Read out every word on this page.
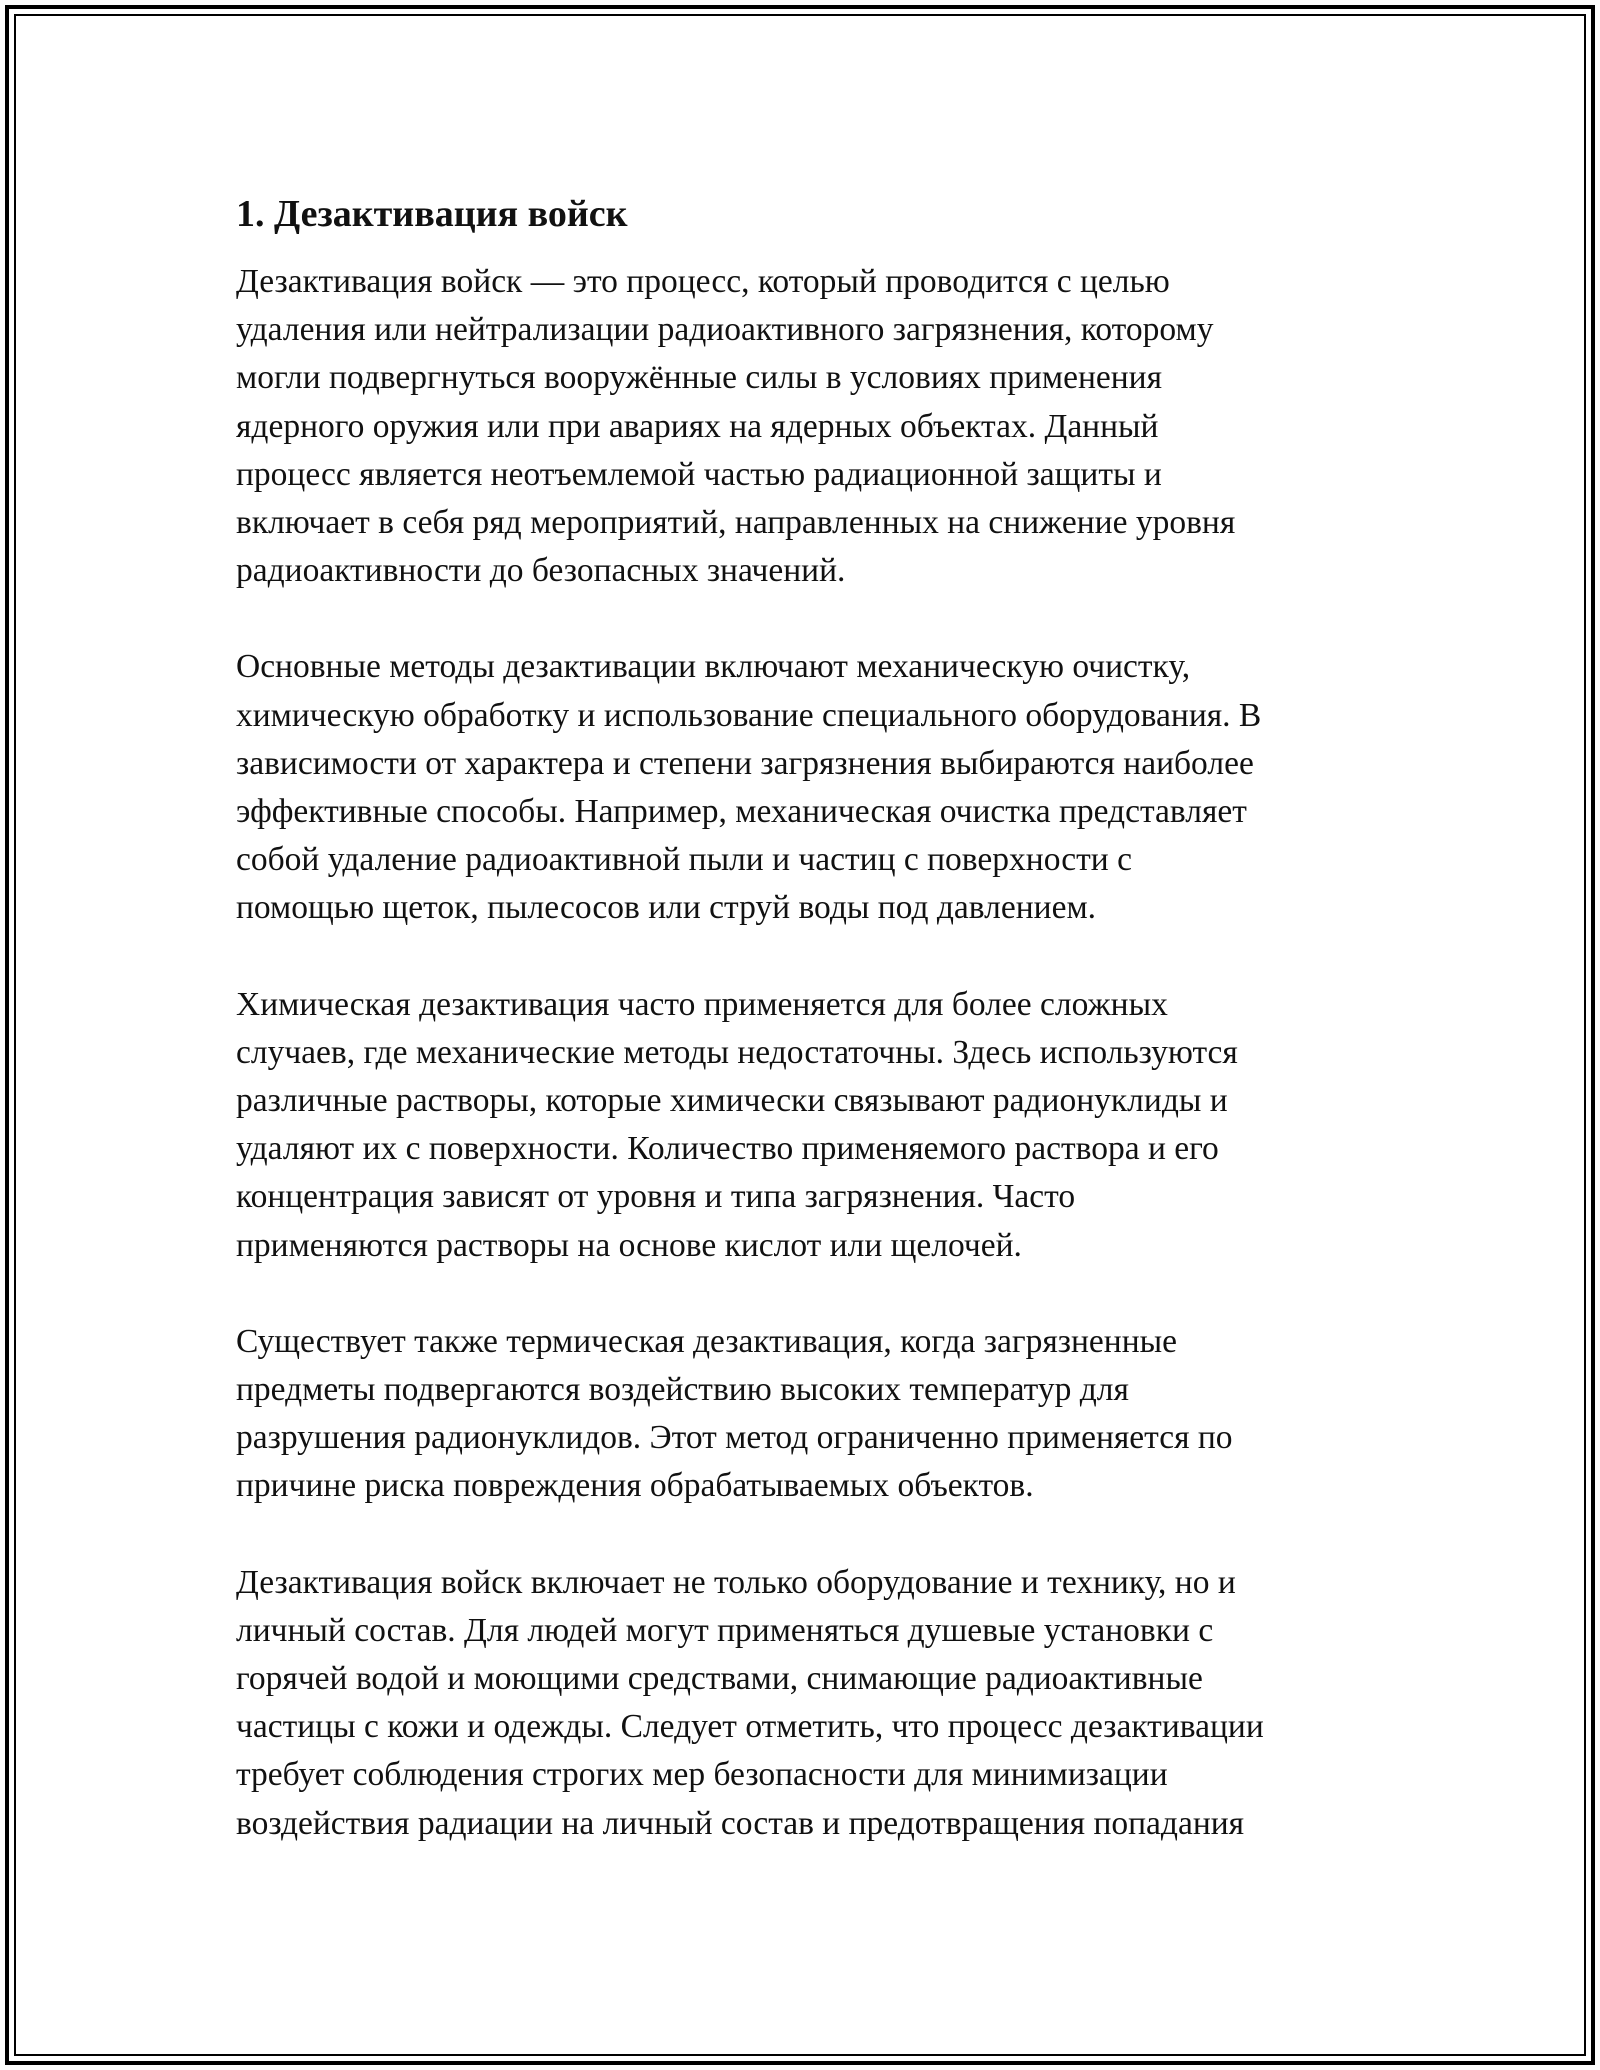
1. Дезактивация войск

Дезактивация войск — это процесс, который проводится с целью
удаления или нейтрализации радиоактивного загрязнения, которому
могли подвергнуться вооружённые силы в условиях применения
ядерного оружия или при авариях на ядерных объектах. Данный
процесс является неотъемлемой частью радиационной защиты и
включает в себя ряд мероприятий, направленных на снижение уровня
радиоактивности до безопасных значений.

Основные методы дезактивации включают механическую очистку,
химическую обработку и использование специального оборудования. В
зависимости от характера и степени загрязнения выбираются наиболее
эффективные способы. Например, механическая очистка представляет
собой удаление радиоактивной пыли и частиц с поверхности с
помощью щеток, пылесосов или струй воды под давлением.

Химическая дезактивация часто применяется для более сложных
случаев, где механические методы недостаточны. Здесь используются
различные растворы, которые химически связывают радионуклиды и
удаляют их с поверхности. Количество применяемого раствора и его
концентрация зависят от уровня и типа загрязнения. Часто
применяются растворы на основе кислот или щелочей.

Существует также термическая дезактивация, когда загрязненные
предметы подвергаются воздействию высоких температур для
разрушения радионуклидов. Этот метод ограниченно применяется по
причине риска повреждения обрабатываемых объектов.

Дезактивация войск включает не только оборудование и технику, но и
личный состав. Для людей могут применяться душевые установки с
горячей водой и моющими средствами, снимающие радиоактивные
частицы с кожи и одежды. Следует отметить, что процесс дезактивации
требует соблюдения строгих мер безопасности для минимизации
воздействия радиации на личный состав и предотвращения попадания
